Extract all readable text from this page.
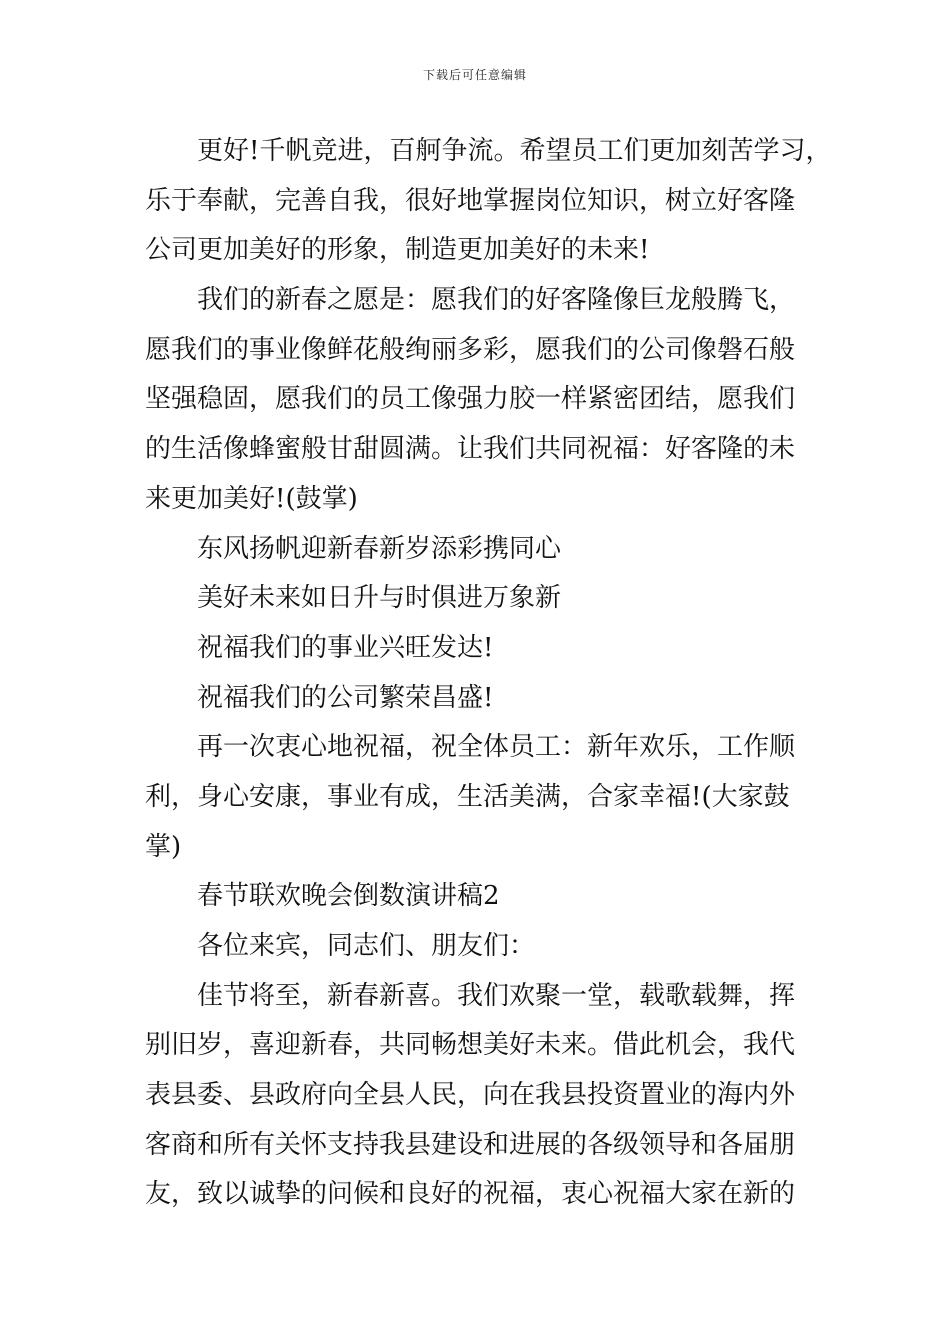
下载后可任意编辑
更好!千帆竞进，百舸争流。希望员工们更加刻苦学习，
乐于奉献，完善自我，很好地掌握岗位知识，树立好客隆
公司更加美好的形象，制造更加美好的未来!
我们的新春之愿是：愿我们的好客隆像巨龙般腾飞，
愿我们的事业像鲜花般绚丽多彩，愿我们的公司像磐石般
坚强稳固，愿我们的员工像强力胶一样紧密团结，愿我们
的生活像蜂蜜般甘甜圆满。让我们共同祝福：好客隆的未
来更加美好!(鼓掌)
东风扬帆迎新春新岁添彩携同心
美好未来如日升与时俱进万象新
祝福我们的事业兴旺发达!
祝福我们的公司繁荣昌盛!
再一次衷心地祝福，祝全体员工：新年欢乐，工作顺
利，身心安康，事业有成，生活美满，合家幸福!(大家鼓
掌)
春节联欢晚会倒数演讲稿2
各位来宾，同志们、朋友们：
佳节将至，新春新喜。我们欢聚一堂，载歌载舞，挥
别旧岁，喜迎新春，共同畅想美好未来。借此机会，我代
表县委、县政府向全县人民，向在我县投资置业的海内外
客商和所有关怀支持我县建设和进展的各级领导和各届朋
友，致以诚挚的问候和良好的祝福，衷心祝福大家在新的
